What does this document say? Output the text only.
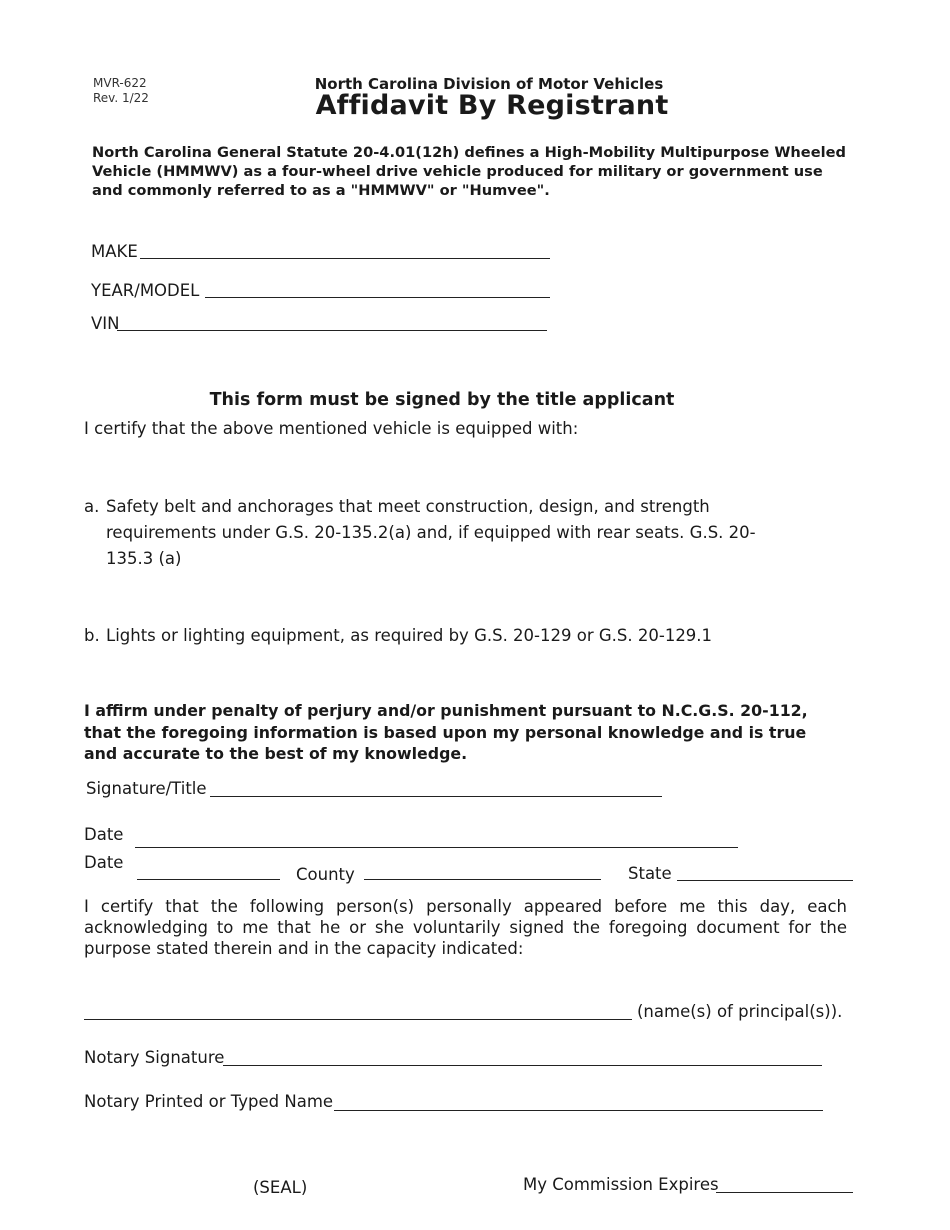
MVR-622
Rev. 1/22
North Carolina Division of Motor Vehicles
Affidavit By Registrant
North Carolina General Statute 20-4.01(12h) defines a High-Mobility Multipurpose Wheeled Vehicle (HMMWV) as a four-wheel drive vehicle produced for military or government use and commonly referred to as a "HMMWV" or "Humvee".
MAKE
YEAR/MODEL
VIN
This form must be signed by the title applicant
I certify that the above mentioned vehicle is equipped with:
a. Safety belt and anchorages that meet construction, design, and strength requirements under G.S. 20-135.2(a) and, if equipped with rear seats. G.S. 20-135.3 (a)
b. Lights or lighting equipment, as required by G.S. 20-129 or G.S. 20-129.1
I affirm under penalty of perjury and/or punishment pursuant to N.C.G.S. 20-112, that the foregoing information is based upon my personal knowledge and is true and accurate to the best of my knowledge.
Signature/Title
Date
Date
County	State
I certify that the following person(s) personally appeared before me this day, each acknowledging to me that he or she voluntarily signed the foregoing document for the purpose stated therein and in the capacity indicated:
(name(s) of principal(s)).
Notary Signature
Notary Printed or Typed Name
(SEAL)	My Commission Expires
